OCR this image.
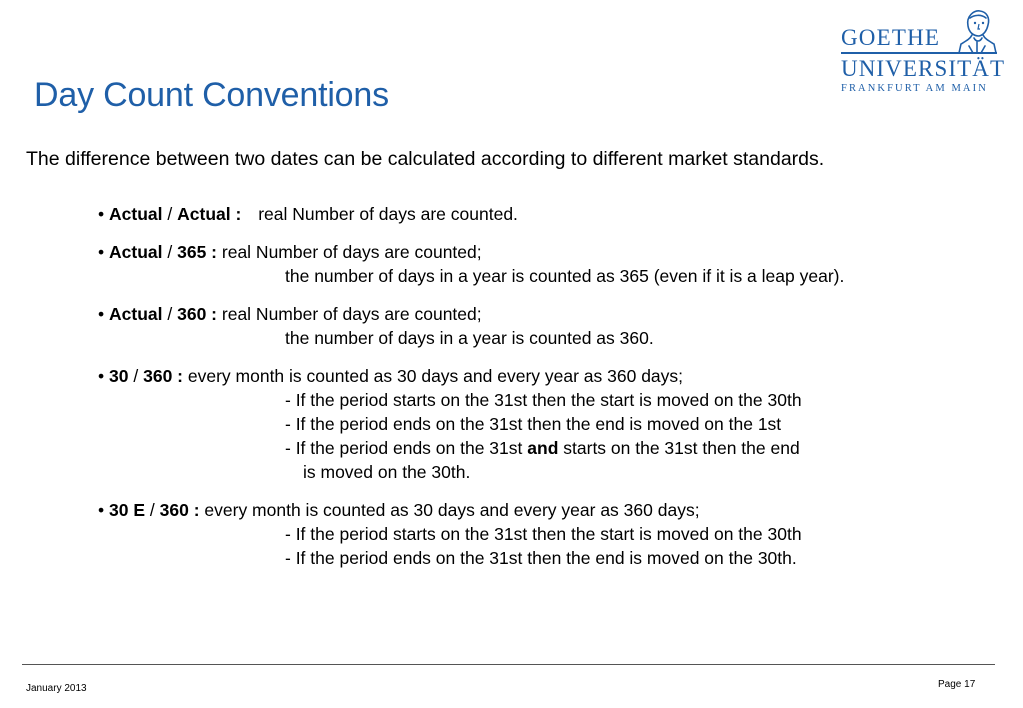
Day Count Conventions
GOETHE
UNIVERSITÄT
FRANKFURT AM MAIN

The difference between two dates can be calculated according to different market standards.

• Actual / Actual : real Number of days are counted.
• Actual / 365 : real Number of days are counted;
the number of days in a year is counted as 365 (even if it is a leap year).
• Actual / 360 : real Number of days are counted;
the number of days in a year is counted as 360.
• 30 / 360 : every month is counted as 30 days and every year as 360 days;
- If the period starts on the 31st then the start is moved on the 30th
- If the period ends on the 31st then the end is moved on the 1st
- If the period ends on the 31st and starts on the 31st then the end
is moved on the 30th.
• 30 E / 360 : every month is counted as 30 days and every year as 360 days;
- If the period starts on the 31st then the start is moved on the 30th
- If the period ends on the 31st then the end is moved on the 30th.
January 2013	Page 17
